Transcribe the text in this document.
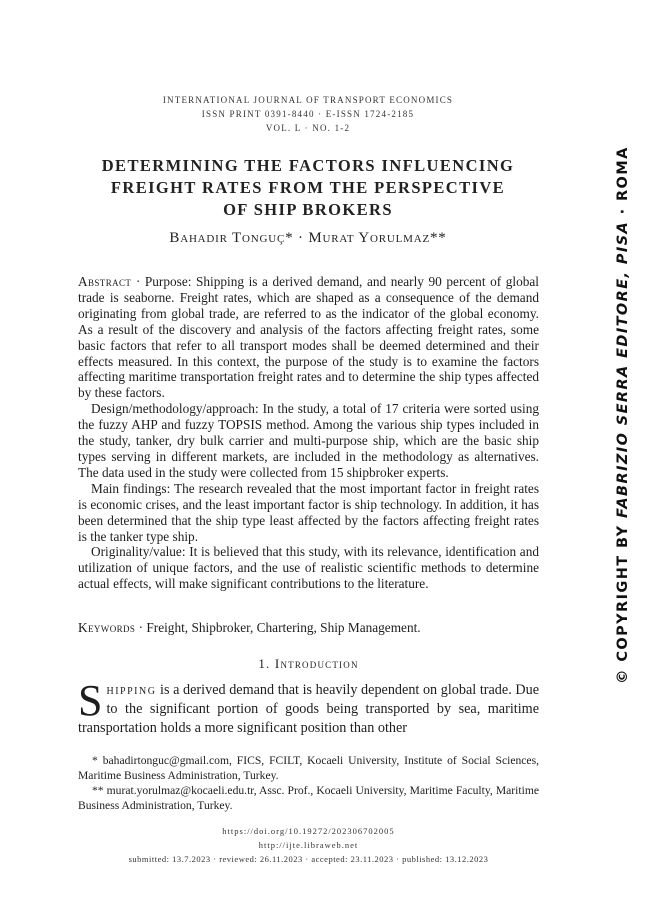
INTERNATIONAL JOURNAL OF TRANSPORT ECONOMICS
ISSN PRINT 0391-8440 · E-ISSN 1724-2185
VOL. L · NO. 1-2
DETERMINING THE FACTORS INFLUENCING
FREIGHT RATES FROM THE PERSPECTIVE
OF SHIP BROKERS
Bahadir Tonguç* · Murat Yorulmaz**

Abstract · Purpose: Shipping is a derived demand, and nearly 90 percent of global trade is seaborne. Freight rates, which are shaped as a consequence of the demand originating from global trade, are referred to as the indicator of the global economy. As a result of the discovery and analysis of the factors affecting freight rates, some basic factors that refer to all transport modes shall be deemed determined and their effects measured. In this context, the purpose of the study is to examine the factors affecting maritime transportation freight rates and to determine the ship types affected by these factors.

Design/methodology/approach: In the study, a total of 17 criteria were sorted using the fuzzy AHP and fuzzy TOPSIS method. Among the various ship types included in the study, tanker, dry bulk carrier and multi-purpose ship, which are the basic ship types serving in different markets, are included in the methodology as alternatives. The data used in the study were collected from 15 shipbroker experts.

Main findings: The research revealed that the most important factor in freight rates is economic crises, and the least important factor is ship technology. In addition, it has been determined that the ship type least affected by the factors affecting freight rates is the tanker type ship.

Originality/value: It is believed that this study, with its relevance, identification and utilization of unique factors, and the use of realistic scientific methods to determine actual effects, will make significant contributions to the literature.

Keywords · Freight, Shipbroker, Chartering, Ship Management.
1. Introduction

Shipping is a derived demand that is heavily dependent on global trade. Due to the significant portion of goods being transported by sea, maritime transportation holds a more significant position than other

* bahadirtonguc@gmail.com, FICS, FCILT, Kocaeli University, Institute of Social Sciences, Maritime Business Administration, Turkey.

** murat.yorulmaz@kocaeli.edu.tr, Assc. Prof., Kocaeli University, Maritime Faculty, Maritime Business Administration, Turkey.

https://doi.org/10.19272/202306702005
http://ijte.libraweb.net
submitted: 13.7.2023 · reviewed: 26.11.2023 · accepted: 23.11.2023 · published: 13.12.2023
© COPYRIGHT BY FABRIZIO SERRA EDITORE, PISA · ROMA
